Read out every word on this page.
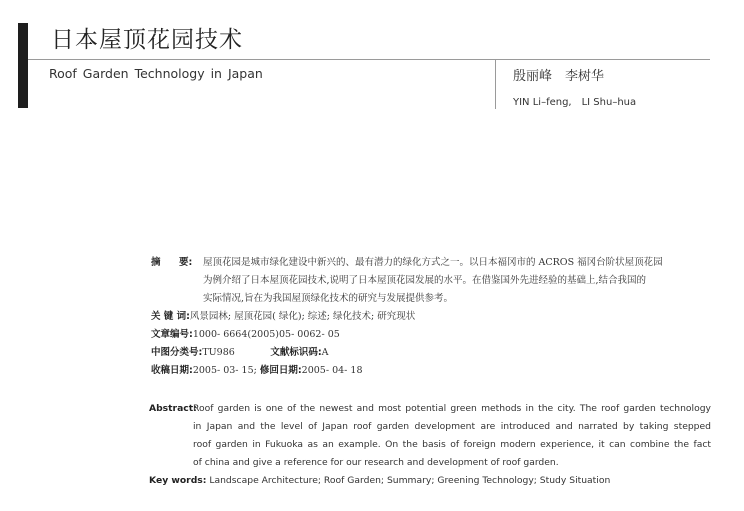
日本屋顶花园技术
Roof Garden Technology in Japan	殷丽峰　李树华
YIN Li–feng,　LI Shu–hua
摘 要: 屋顶花园是城市绿化建设中新兴的、最有潜力的绿化方式之一。以日本福冈市的 ACROS 福冈台阶状屋顶花园
为例介绍了日本屋顶花园技术,说明了日本屋顶花园发展的水平。在借鉴国外先进经验的基础上,结合我国的
实际情况,旨在为我国屋顶绿化技术的研究与发展提供参考。
关 键 词:风景园林; 屋顶花园( 绿化); 综述; 绿化技术; 研究现状
文章编号:1000- 6664(2005)05- 0062- 05
中图分类号:TU986	文献标识码:A
收稿日期:2005- 03- 15; 修回日期:2005- 04- 18
Abstract:
Roof garden is one of the newest and most potential green methods in the city. The roof garden technology
in Japan and the level of Japan roof garden development are introduced and narrated by taking stepped
roof garden in Fukuoka as an example. On the basis of foreign modern experience, it can combine the fact
of china and give a reference for our research and development of roof garden.
Key words: Landscape Architecture; Roof Garden; Summary; Greening Technology; Study Situation
